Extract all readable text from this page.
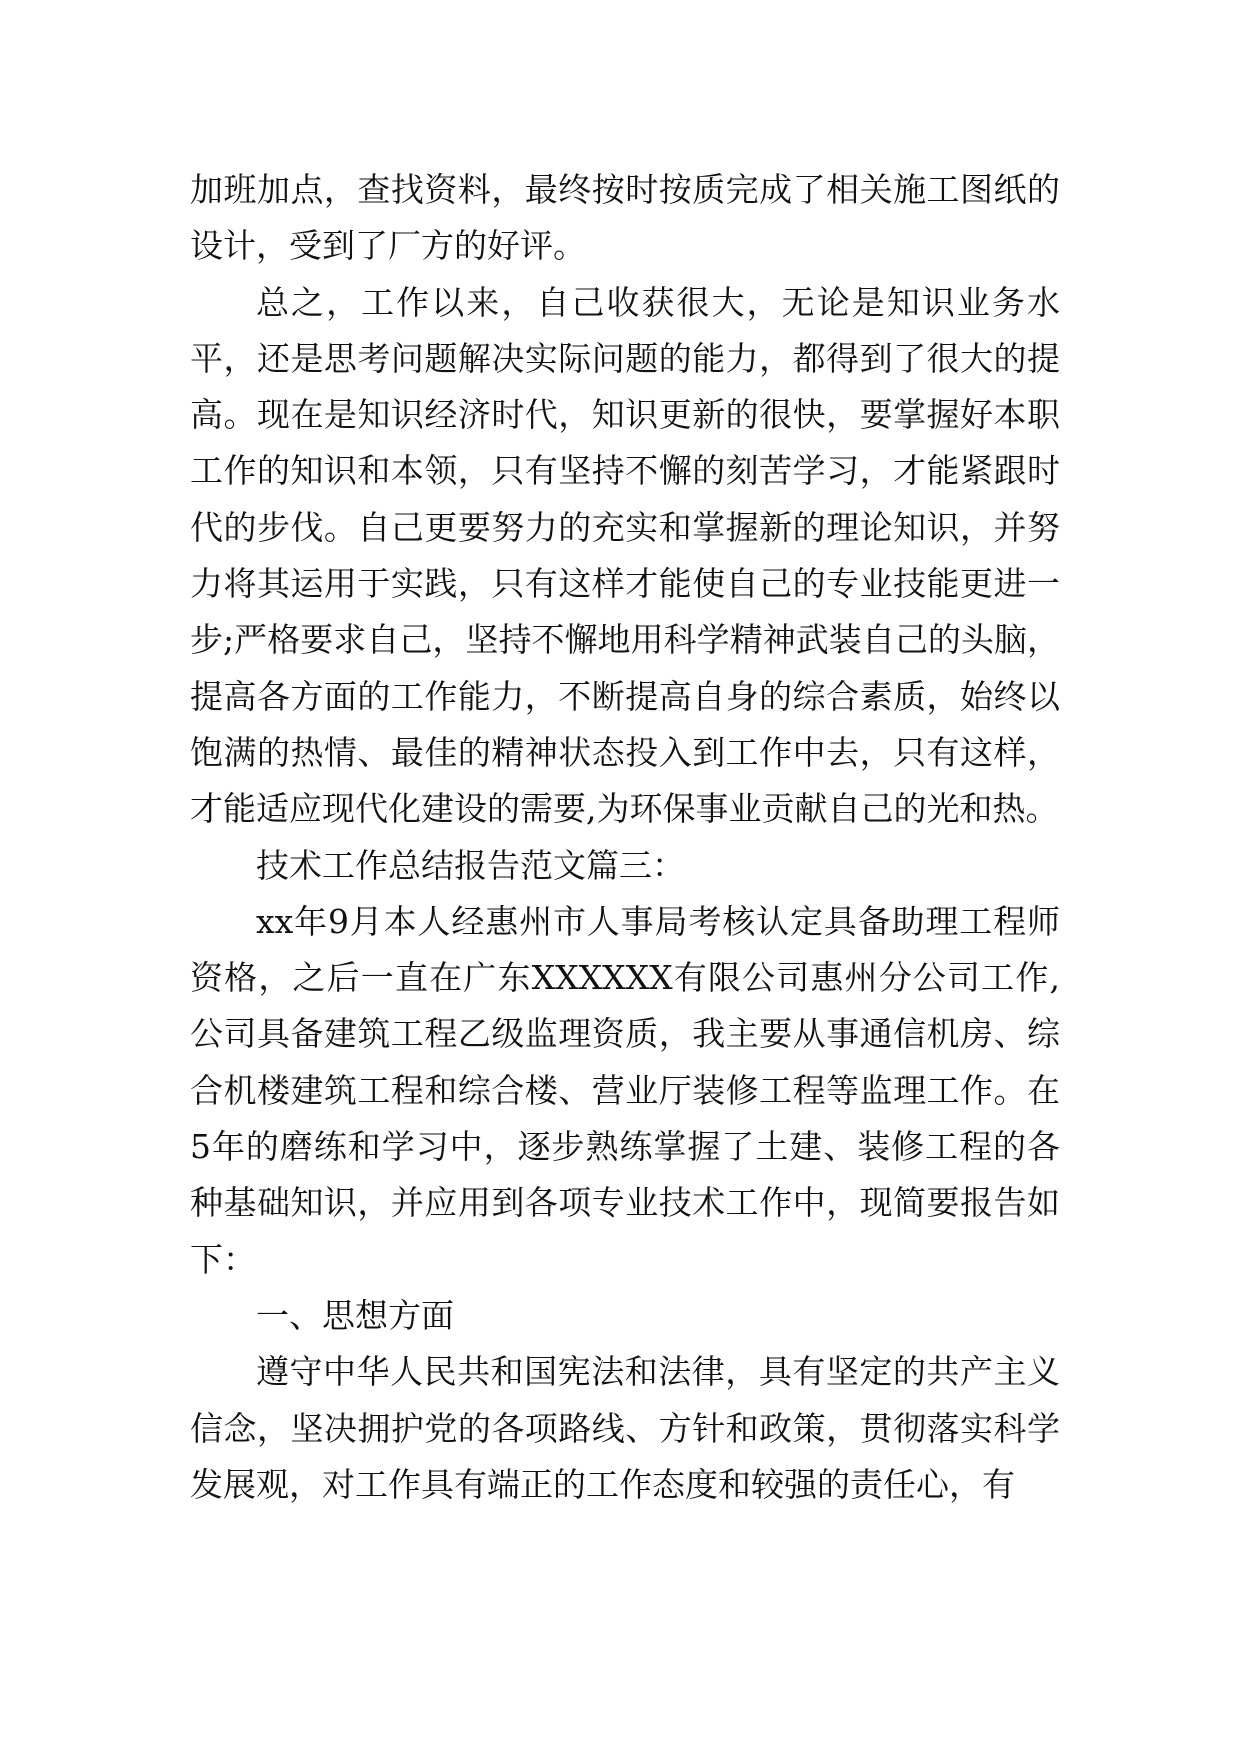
加班加点，查找资料，最终按时按质完成了相关施工图纸的设计，受到了厂方的好评。

总之，工作以来，自己收获很大，无论是知识业务水平，还是思考问题解决实际问题的能力，都得到了很大的提高。现在是知识经济时代，知识更新的很快，要掌握好本职工作的知识和本领，只有坚持不懈的刻苦学习，才能紧跟时代的步伐。自己更要努力的充实和掌握新的理论知识，并努力将其运用于实践，只有这样才能使自己的专业技能更进一步;严格要求自己，坚持不懈地用科学精神武装自己的头脑，提高各方面的工作能力，不断提高自身的综合素质，始终以饱满的热情、最佳的精神状态投入到工作中去，只有这样，才能适应现代化建设的需要,为环保事业贡献自己的光和热。

技术工作总结报告范文篇三：

xx年9月本人经惠州市人事局考核认定具备助理工程师资格，之后一直在广东XXXXXX有限公司惠州分公司工作,公司具备建筑工程乙级监理资质，我主要从事通信机房、综合机楼建筑工程和综合楼、营业厅装修工程等监理工作。在5年的磨练和学习中，逐步熟练掌握了土建、装修工程的各种基础知识，并应用到各项专业技术工作中，现简要报告如下：

一、思想方面

遵守中华人民共和国宪法和法律，具有坚定的共产主义信念，坚决拥护党的各项路线、方针和政策，贯彻落实科学发展观，对工作具有端正的工作态度和较强的责任心，有
